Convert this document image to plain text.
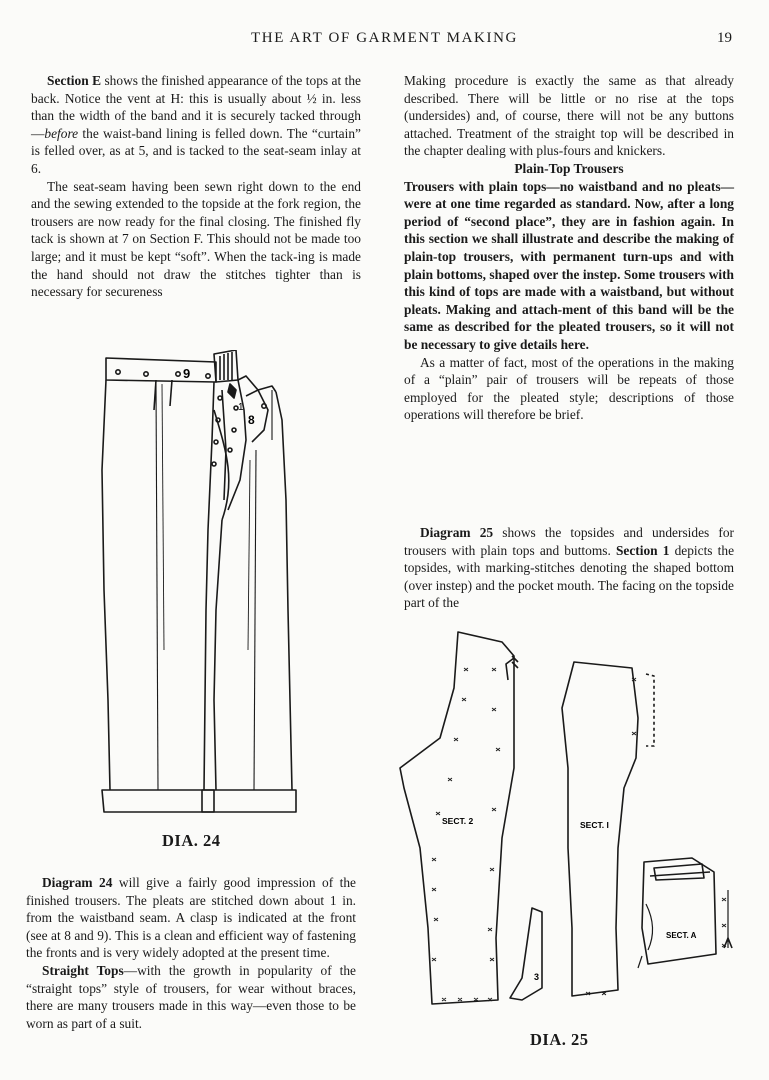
THE ART OF GARMENT MAKING	19

Section E shows the finished appearance of the tops at the back. Notice the vent at H: this is usually about ½ in. less than the width of the band and it is securely tacked through—before the waist-band lining is felled down. The “curtain” is felled over, as at 5, and is tacked to the seat-seam inlay at 6.

The seat-seam having been sewn right down to the end and the sewing extended to the topside at the fork region, the trousers are now ready for the final closing. The finished fly tack is shown at 7 on Section F. This should not be made too large; and it must be kept “soft”. When the tack-ing is made the hand should not draw the stitches tighter than is necessary for secureness

9
8
1
DIA. 24

Diagram 24 will give a fairly good impression of the finished trousers. The pleats are stitched down about 1 in. from the waistband seam. A clasp is indicated at the front (see at 8 and 9). This is a clean and efficient way of fastening the fronts and is very widely adopted at the present time.

Straight Tops—with the growth in popularity of the “straight tops” style of trousers, for wear without braces, there are many trousers made in this way—even those to be worn as part of a suit.

Making procedure is exactly the same as that already described. There will be little or no rise at the tops (undersides) and, of course, there will not be any buttons attached. Treatment of the straight top will be described in the chapter dealing with plus-fours and knickers.

Plain-Top Trousers

Trousers with plain tops—no waistband and no pleats—were at one time regarded as standard. Now, after a long period of “second place”, they are in fashion again. In this section we shall illustrate and describe the making of plain-top trousers, with permanent turn-ups and with plain bottoms, shaped over the instep. Some trousers with this kind of tops are made with a waistband, but without pleats. Making and attach-ment of this band will be the same as described for the pleated trousers, so it will not be necessary to give details here.

As a matter of fact, most of the operations in the making of a “plain” pair of trousers will be repeats of those employed for the pleated style; descriptions of those operations will therefore be brief.

Diagram 25 shows the topsides and undersides for trousers with plain tops and buttoms. Section 1 depicts the topsides, with marking-stitches denoting the shaped bottom (over instep) and the pocket mouth. The facing on the topside part of the

SECT. 2	SECT. I
SECT. A
3
DIA. 25
